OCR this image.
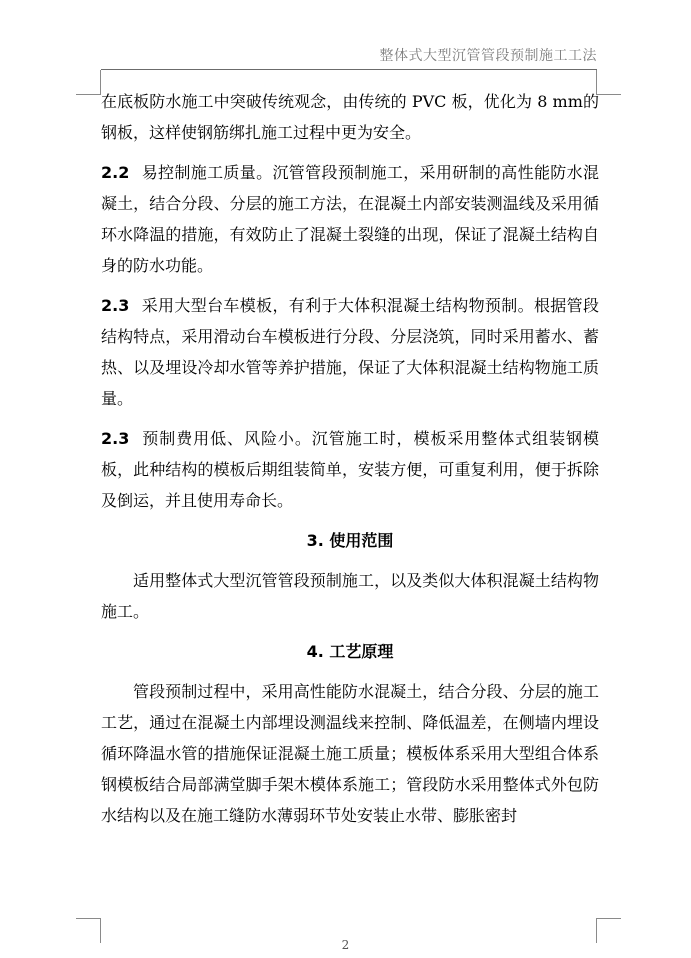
整体式大型沉管管段预制施工工法

在底板防水施工中突破传统观念，由传统的 PVC 板，优化为 8 mm的钢板，这样使钢筋绑扎施工过程中更为安全。

2.2 易控制施工质量。沉管管段预制施工，采用研制的高性能防水混凝土，结合分段、分层的施工方法，在混凝土内部安装测温线及采用循环水降温的措施，有效防止了混凝土裂缝的出现，保证了混凝土结构自身的防水功能。

2.3 采用大型台车模板，有利于大体积混凝土结构物预制。根据管段结构特点，采用滑动台车模板进行分段、分层浇筑，同时采用蓄水、蓄热、以及埋设冷却水管等养护措施，保证了大体积混凝土结构物施工质量。

2.3 预制费用低、风险小。沉管施工时，模板采用整体式组装钢模板，此种结构的模板后期组装简单，安装方便，可重复利用，便于拆除及倒运，并且使用寿命长。

3. 使用范围

适用整体式大型沉管管段预制施工，以及类似大体积混凝土结构物施工。

4. 工艺原理

管段预制过程中，采用高性能防水混凝土，结合分段、分层的施工工艺，通过在混凝土内部埋设测温线来控制、降低温差，在侧墙内埋设循环降温水管的措施保证混凝土施工质量；模板体系采用大型组合体系钢模板结合局部满堂脚手架木模体系施工；管段防水采用整体式外包防水结构以及在施工缝防水薄弱环节处安装止水带、膨胀密封

2
